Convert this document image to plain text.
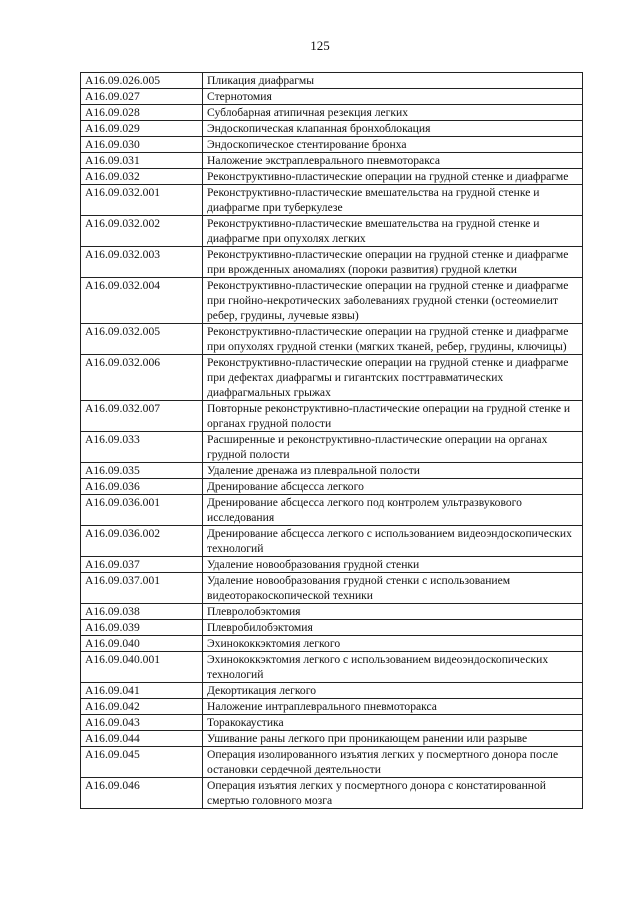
125
A16.09.026.005	Пликация диафрагмы
A16.09.027	Стернотомия
A16.09.028	Сублобарная атипичная резекция легких
A16.09.029	Эндоскопическая клапанная бронхоблокация
A16.09.030	Эндоскопическое стентирование бронха
A16.09.031	Наложение экстраплеврального пневмоторакса
A16.09.032	Реконструктивно-пластические операции на грудной стенке и диафрагме
A16.09.032.001	Реконструктивно-пластические вмешательства на грудной стенке и диафрагме при туберкулезе
A16.09.032.002	Реконструктивно-пластические вмешательства на грудной стенке и диафрагме при опухолях легких
A16.09.032.003	Реконструктивно-пластические операции на грудной стенке и диафрагме при врожденных аномалиях (пороки развития) грудной клетки
A16.09.032.004	Реконструктивно-пластические операции на грудной стенке и диафрагме при гнойно-некротических заболеваниях грудной стенки (остеомиелит ребер, грудины, лучевые язвы)
A16.09.032.005	Реконструктивно-пластические операции на грудной стенке и диафрагме при опухолях грудной стенки (мягких тканей, ребер, грудины, ключицы)
A16.09.032.006	Реконструктивно-пластические операции на грудной стенке и диафрагме при дефектах диафрагмы и гигантских посттравматических диафрагмальных грыжах
A16.09.032.007	Повторные реконструктивно-пластические операции на грудной стенке и органах грудной полости
A16.09.033	Расширенные и реконструктивно-пластические операции на органах грудной полости
A16.09.035	Удаление дренажа из плевральной полости
A16.09.036	Дренирование абсцесса легкого
A16.09.036.001	Дренирование абсцесса легкого под контролем ультразвукового исследования
A16.09.036.002	Дренирование абсцесса легкого с использованием видеоэндоскопических технологий
A16.09.037	Удаление новообразования грудной стенки
A16.09.037.001	Удаление новообразования грудной стенки с использованием видеоторакоскопической техники
A16.09.038	Плевролобэктомия
A16.09.039	Плевробилобэктомия
A16.09.040	Эхинококкэктомия легкого
A16.09.040.001	Эхинококкэктомия легкого с использованием видеоэндоскопических технологий
A16.09.041	Декортикация легкого
A16.09.042	Наложение интраплеврального пневмоторакса
A16.09.043	Торакокаустика
A16.09.044	Ушивание раны легкого при проникающем ранении или разрыве
A16.09.045	Операция изолированного изъятия легких у посмертного донора после остановки сердечной деятельности
A16.09.046	Операция изъятия легких у посмертного донора с констатированной смертью головного мозга
